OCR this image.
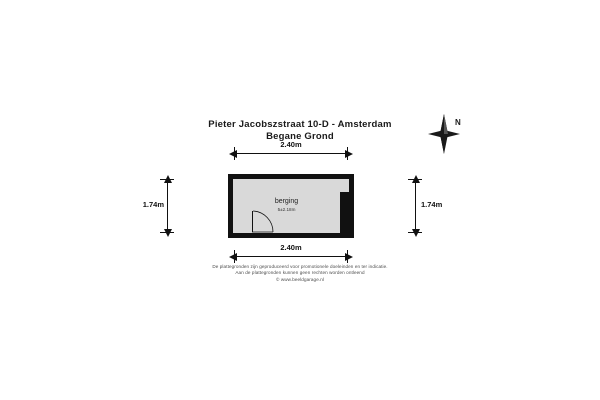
Pieter Jacobszstraat 10-D - Amsterdam
Begane Grond
N
2.40m
1.74m	1.74m
berging
5±2.18m
2.40m
De plattegronden zijn geproduceerd voor promotionele doeleinden en ter indicatie.
Aan de plattegronden kunnen geen rechten worden ontleend
© www.beeldgarage.nl
